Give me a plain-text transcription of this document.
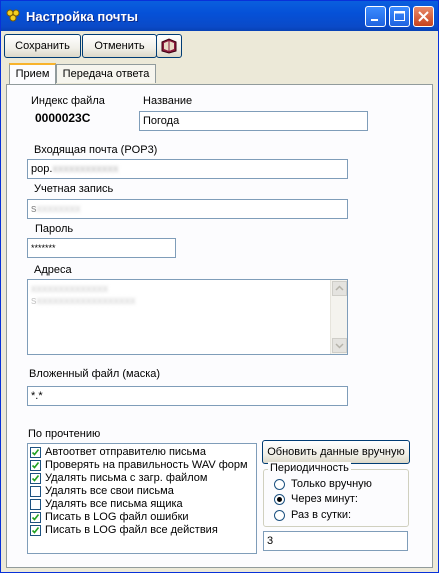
Настройка почты
Сохранить	Отменить
Прием	Передача ответа
Индекс файла
0000023C
Название
Погода
Входящая почта (POP3)
pop.xxxxxxxxxxxx
Учетная запись
sxxxxxxxx
Пароль
*******
Адреса
xxxxxxxxxxxxxx
sxxxxxxxxxxxxxxxxxx
Вложенный файл (маска)
*.*
По прочтению
Автоответ отправителю письма
Проверять на правильность WAV форм
Удалять письма с загр. файлом
Удалять все свои письма
Удалять все письма ящика
Писать в LOG файл ошибки
Писать в LOG файл все действия
Обновить данные вручную
Периодичность
Только вручную
Через минут:
Раз в сутки:
3
